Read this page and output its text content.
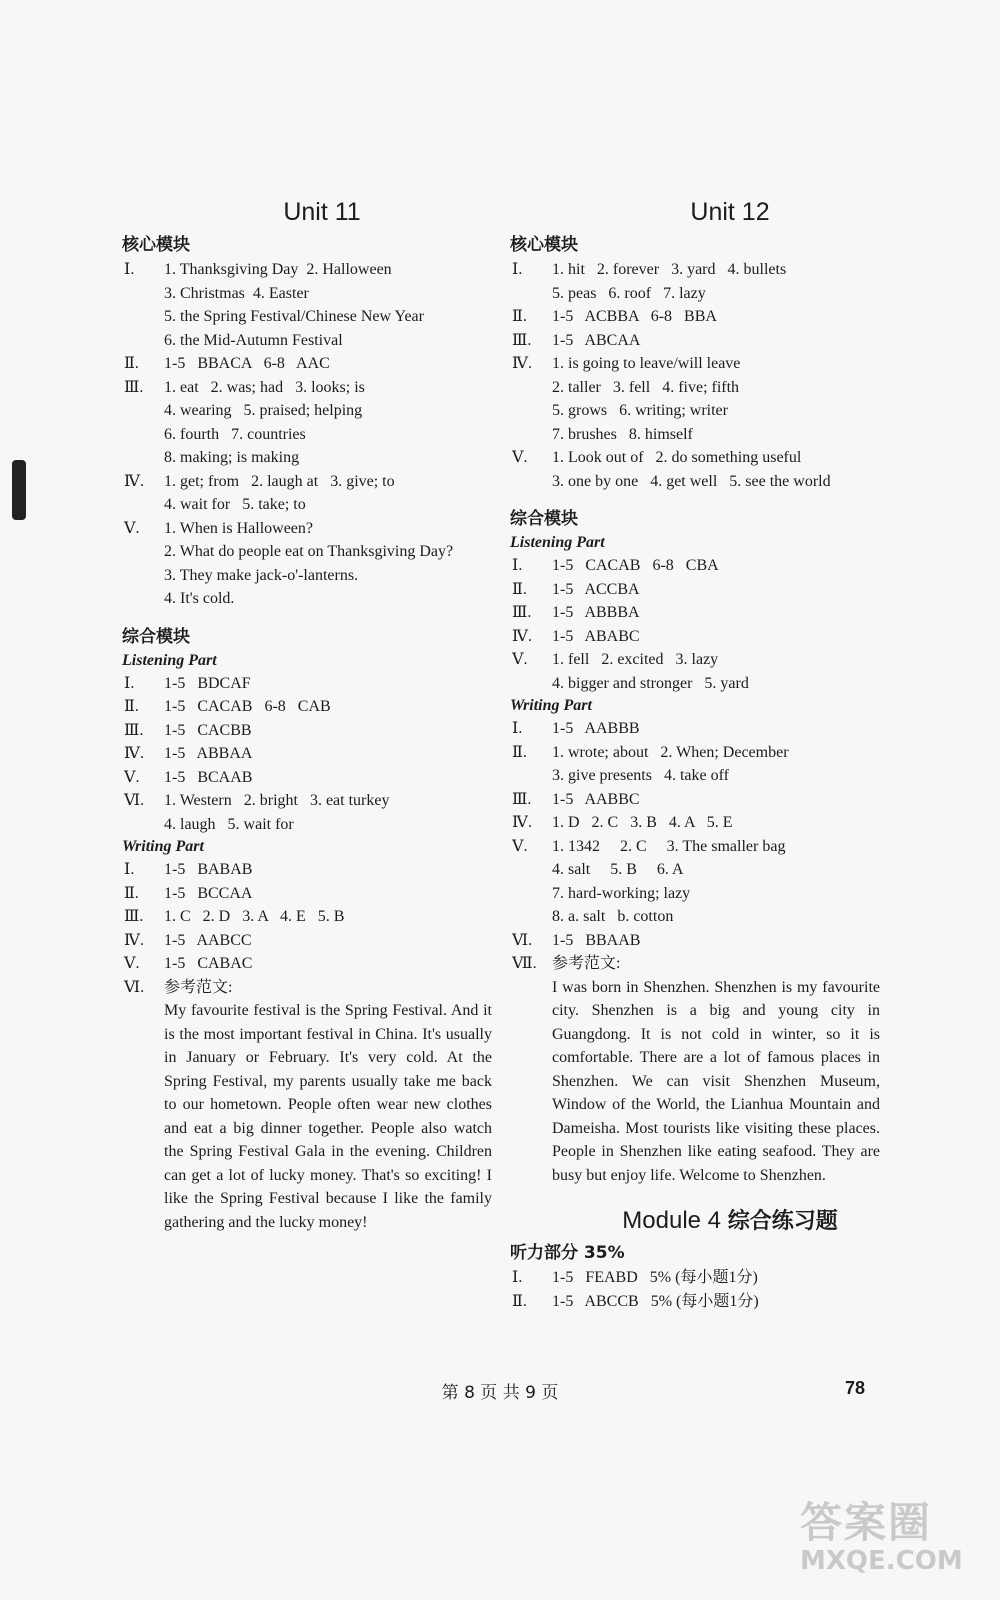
Unit 11
核心模块
Ⅰ.	1. Thanksgiving Day  2. Halloween
3. Christmas  4. Easter
5. the Spring Festival/Chinese New Year
6. the Mid-Autumn Festival
Ⅱ.	1-5   BBACA   6-8   AAC
Ⅲ.	1. eat   2. was; had   3. looks; is
4. wearing   5. praised; helping
6. fourth   7. countries
8. making; is making
Ⅳ.	1. get; from   2. laugh at   3. give; to
4. wait for   5. take; to
Ⅴ.	1. When is Halloween?
2. What do people eat on Thanksgiving Day?
3. They make jack-o'-lanterns.
4. It's cold.
综合模块
Listening Part
Ⅰ.	1-5   BDCAF
Ⅱ.	1-5   CACAB   6-8   CAB
Ⅲ.	1-5   CACBB
Ⅳ.	1-5   ABBAA
Ⅴ.	1-5   BCAAB
Ⅵ.	1. Western   2. bright   3. eat turkey
4. laugh   5. wait for
Writing Part
Ⅰ.	1-5   BABAB
Ⅱ.	1-5   BCCAA
Ⅲ.	1. C   2. D   3. A   4. E   5. B
Ⅳ.	1-5   AABCC
Ⅴ.	1-5   CABAC
Ⅵ.	参考范文:
My favourite festival is the Spring Festival. And it is the most important festival in China. It's usually in January or February. It's very cold. At the Spring Festival, my parents usually take me back to our hometown. People often wear new clothes and eat a big dinner together. People also watch the Spring Festival Gala in the evening. Children can get a lot of lucky money. That's so exciting! I like the Spring Festival because I like the family gathering and the lucky money!
Unit 12
核心模块
Ⅰ.	1. hit   2. forever   3. yard   4. bullets
5. peas   6. roof   7. lazy
Ⅱ.	1-5   ACBBA   6-8   BBA
Ⅲ.	1-5   ABCAA
Ⅳ.	1. is going to leave/will leave
2. taller   3. fell   4. five; fifth
5. grows   6. writing; writer
7. brushes   8. himself
Ⅴ.	1. Look out of   2. do something useful
3. one by one   4. get well   5. see the world
综合模块
Listening Part
Ⅰ.	1-5   CACAB   6-8   CBA
Ⅱ.	1-5   ACCBA
Ⅲ.	1-5   ABBBA
Ⅳ.	1-5   ABABC
Ⅴ.	1. fell   2. excited   3. lazy
4. bigger and stronger   5. yard
Writing Part
Ⅰ.	1-5   AABBB
Ⅱ.	1. wrote; about   2. When; December
3. give presents   4. take off
Ⅲ.	1-5   AABBC
Ⅳ.	1. D   2. C   3. B   4. A   5. E
Ⅴ.	1. 1342     2. C     3. The smaller bag
4. salt     5. B     6. A
7. hard-working; lazy
8. a. salt   b. cotton
Ⅵ.	1-5   BBAAB
Ⅶ. 参考范文:
I was born in Shenzhen. Shenzhen is my favourite city. Shenzhen is a big and young city in Guangdong. It is not cold in winter, so it is comfortable. There are a lot of famous places in Shenzhen. We can visit Shenzhen Museum, Window of the World, the Lianhua Mountain and Dameisha. Most tourists like visiting these places. People in Shenzhen like eating seafood. They are busy but enjoy life. Welcome to Shenzhen.
Module 4 综合练习题
听力部分 35%
Ⅰ.	1-5   FEABD   5% (每小题1分)
Ⅱ.	1-5   ABCCB   5% (每小题1分)
第 8 页 共 9 页	78
答案圈
MXQE.COM
